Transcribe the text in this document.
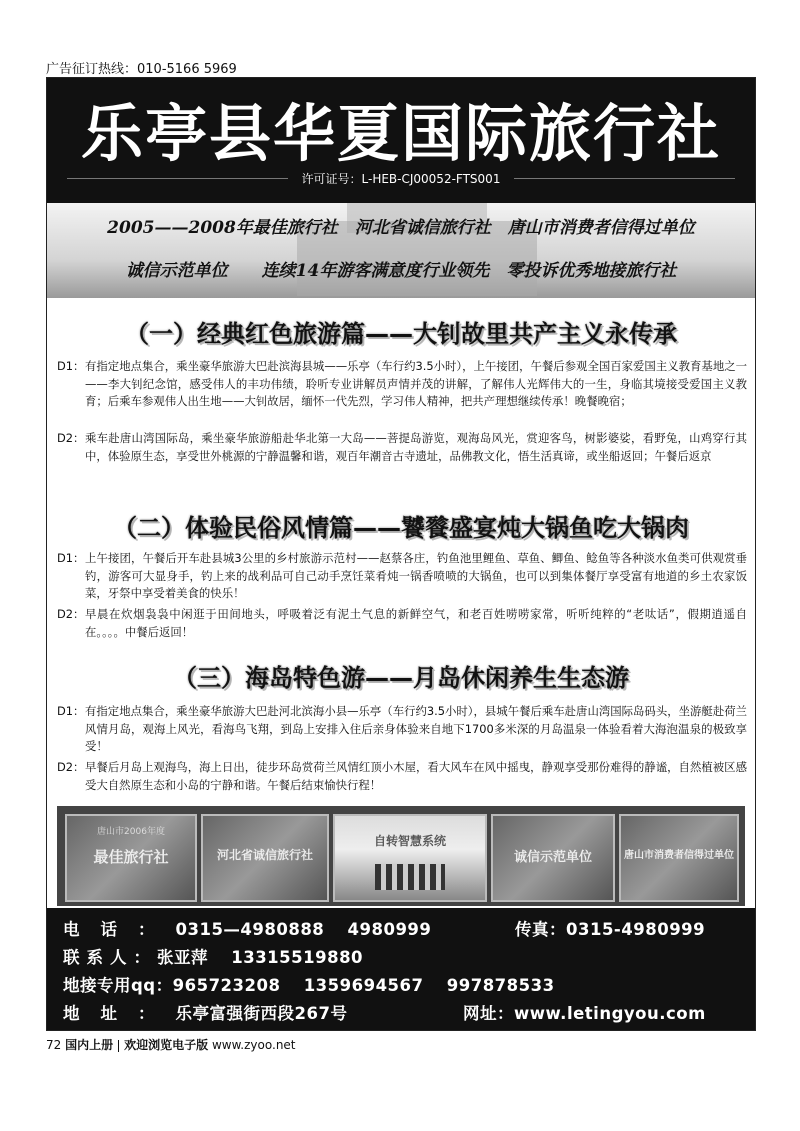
广告征订热线：010-5166 5969
乐亭县华夏国际旅行社
许可证号：L-HEB-CJ00052-FTS001
2005——2008年最佳旅行社　河北省诚信旅行社　唐山市消费者信得过单位
诚信示范单位　　连续14年游客满意度行业领先　零投诉优秀地接旅行社
（一）经典红色旅游篇——大钊故里共产主义永传承
D1： 有指定地点集合，乘坐豪华旅游大巴赴滨海县城——乐亭（车行约3.5小时），上午接团，午餐后参观全国百家爱国主义教育基地之一——李大钊纪念馆，感受伟人的丰功伟绩，聆听专业讲解员声情并茂的讲解，了解伟人光辉伟大的一生，身临其境接受爱国主义教育；后乘车参观伟人出生地——大钊故居，缅怀一代先烈，学习伟人精神，把共产理想继续传承！晚餐晚宿；
D2： 乘车赴唐山湾国际岛，乘坐豪华旅游船赴华北第一大岛——菩提岛游览，观海岛风光，赏迎客鸟，树影婆娑，看野兔，山鸡穿行其中，体验原生态，享受世外桃源的宁静温馨和谐，观百年潮音古寺遗址，品佛教文化，悟生活真谛，或坐船返回；午餐后返京
（二）体验民俗风情篇——饕餮盛宴炖大锅鱼吃大锅肉
D1： 上午接团，午餐后开车赴县城3公里的乡村旅游示范村——赵蔡各庄，钓鱼池里鲤鱼、草鱼、鲫鱼、鲶鱼等各种淡水鱼类可供观赏垂钓，游客可大显身手，钓上来的战利品可自己动手烹饪菜肴炖一锅香喷喷的大锅鱼，也可以到集体餐厅享受富有地道的乡土农家饭菜，牙祭中享受着美食的快乐！
D2： 早晨在炊烟袅袅中闲逛于田间地头，呼吸着泛有泥土气息的新鲜空气，和老百姓唠唠家常，听听纯粹的“老呔话”，假期逍遥自在。。。。中餐后返回！
（三）海岛特色游——月岛休闲养生生态游
D1： 有指定地点集合，乘坐豪华旅游大巴赴河北滨海小县—乐亭（车行约3.5小时），县城午餐后乘车赴唐山湾国际岛码头，坐游艇赴荷兰风情月岛，观海上风光，看海鸟飞翔，到岛上安排入住后亲身体验来自地下1700多米深的月岛温泉一体验看着大海泡温泉的极致享受！
D2： 早餐后月岛上观海鸟，海上日出，徒步环岛赏荷兰风情红顶小木屋，看大风车在风中摇曳，静观享受那份难得的静谧，自然植被区感受大自然原生态和小岛的宁静和谐。午餐后结束愉快行程！
唐山市2006年度
最佳旅行社	河北省诚信旅行社
自转智慧系统
诚信示范单位	唐山市消费者信得过单位
电话：0315—4980888　 4980999	传真：0315-4980999
联系人：张亚萍　 13315519880
地接专用qq：965723208　 1359694567　 997878533
地址：乐亭富强街西段267号	网址：www.letingyou.com
72 国内上册 欢迎浏览电子版 www.zyoo.net
